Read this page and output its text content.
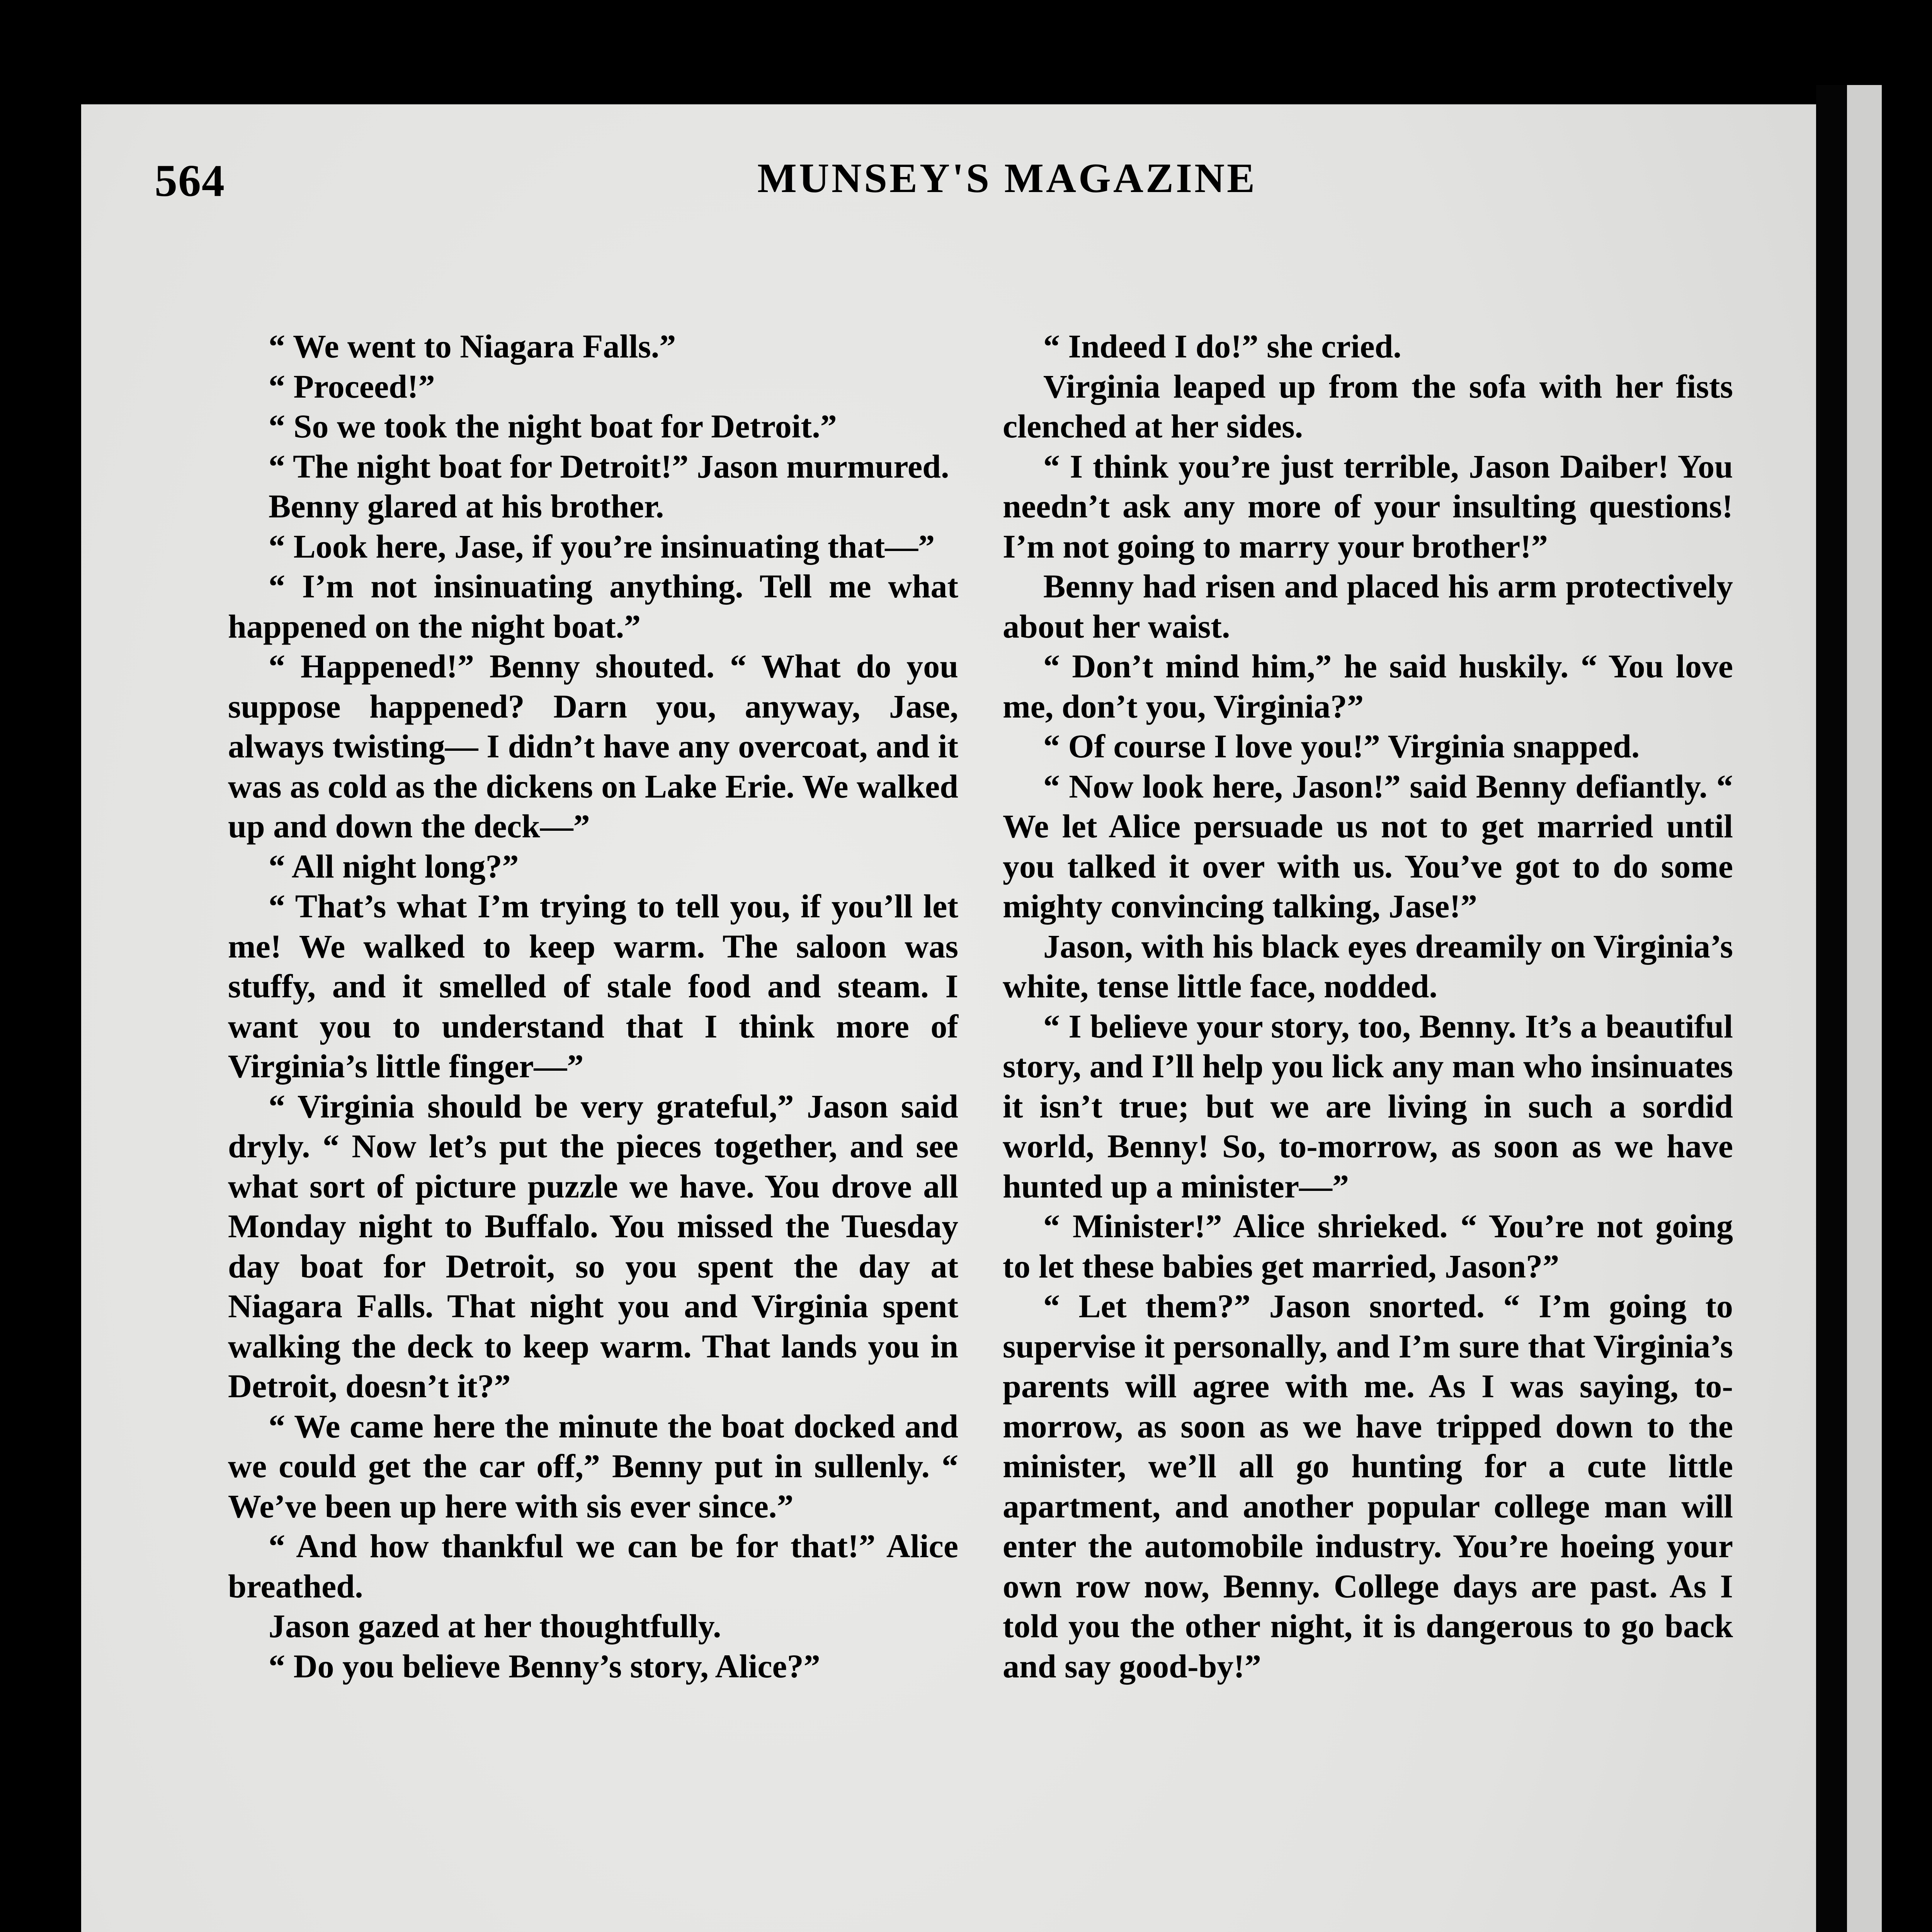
564	MUNSEY'S MAGAZINE

“ We went to Niagara Falls.”

“ Proceed!”

“ So we took the night boat for Detroit.”

“ The night boat for Detroit!” Jason murmured.

Benny glared at his brother.

“ Look here, Jase, if you’re insinuating that—”

“ I’m not insinuating anything. Tell me what happened on the night boat.”

“ Happened!” Benny shouted. “ What do you suppose happened? Darn you, anyway, Jase, always twisting— I didn’t have any overcoat, and it was as cold as the dickens on Lake Erie. We walked up and down the deck—”

“ All night long?”

“ That’s what I’m trying to tell you, if you’ll let me! We walked to keep warm. The saloon was stuffy, and it smelled of stale food and steam. I want you to understand that I think more of Virginia’s little finger—”

“ Virginia should be very grateful,” Jason said dryly. “ Now let’s put the pieces together, and see what sort of picture puzzle we have. You drove all Monday night to Buffalo. You missed the Tuesday day boat for Detroit, so you spent the day at Niagara Falls. That night you and Virginia spent walking the deck to keep warm. That lands you in Detroit, doesn’t it?”

“ We came here the minute the boat docked and we could get the car off,” Benny put in sullenly. “ We’ve been up here with sis ever since.”

“ And how thankful we can be for that!” Alice breathed.

Jason gazed at her thoughtfully.

“ Do you believe Benny’s story, Alice?”

“ Indeed I do!” she cried.

Virginia leaped up from the sofa with her fists clenched at her sides.

“ I think you’re just terrible, Jason Daiber! You needn’t ask any more of your insulting questions! I’m not going to marry your brother!”

Benny had risen and placed his arm protectively about her waist.

“ Don’t mind him,” he said huskily. “ You love me, don’t you, Virginia?”

“ Of course I love you!” Virginia snapped.

“ Now look here, Jason!” said Benny defiantly. “ We let Alice persuade us not to get married until you talked it over with us. You’ve got to do some mighty convincing talking, Jase!”

Jason, with his black eyes dreamily on Virginia’s white, tense little face, nodded.

“ I believe your story, too, Benny. It’s a beautiful story, and I’ll help you lick any man who insinuates it isn’t true; but we are living in such a sordid world, Benny! So, to-morrow, as soon as we have hunted up a minister—”

“ Minister!” Alice shrieked. “ You’re not going to let these babies get married, Jason?”

“ Let them?” Jason snorted. “ I’m going to supervise it personally, and I’m sure that Virginia’s parents will agree with me. As I was saying, to-morrow, as soon as we have tripped down to the minister, we’ll all go hunting for a cute little apartment, and another popular college man will enter the automobile industry. You’re hoeing your own row now, Benny. College days are past. As I told you the other night, it is dangerous to go back and say good-by!”
